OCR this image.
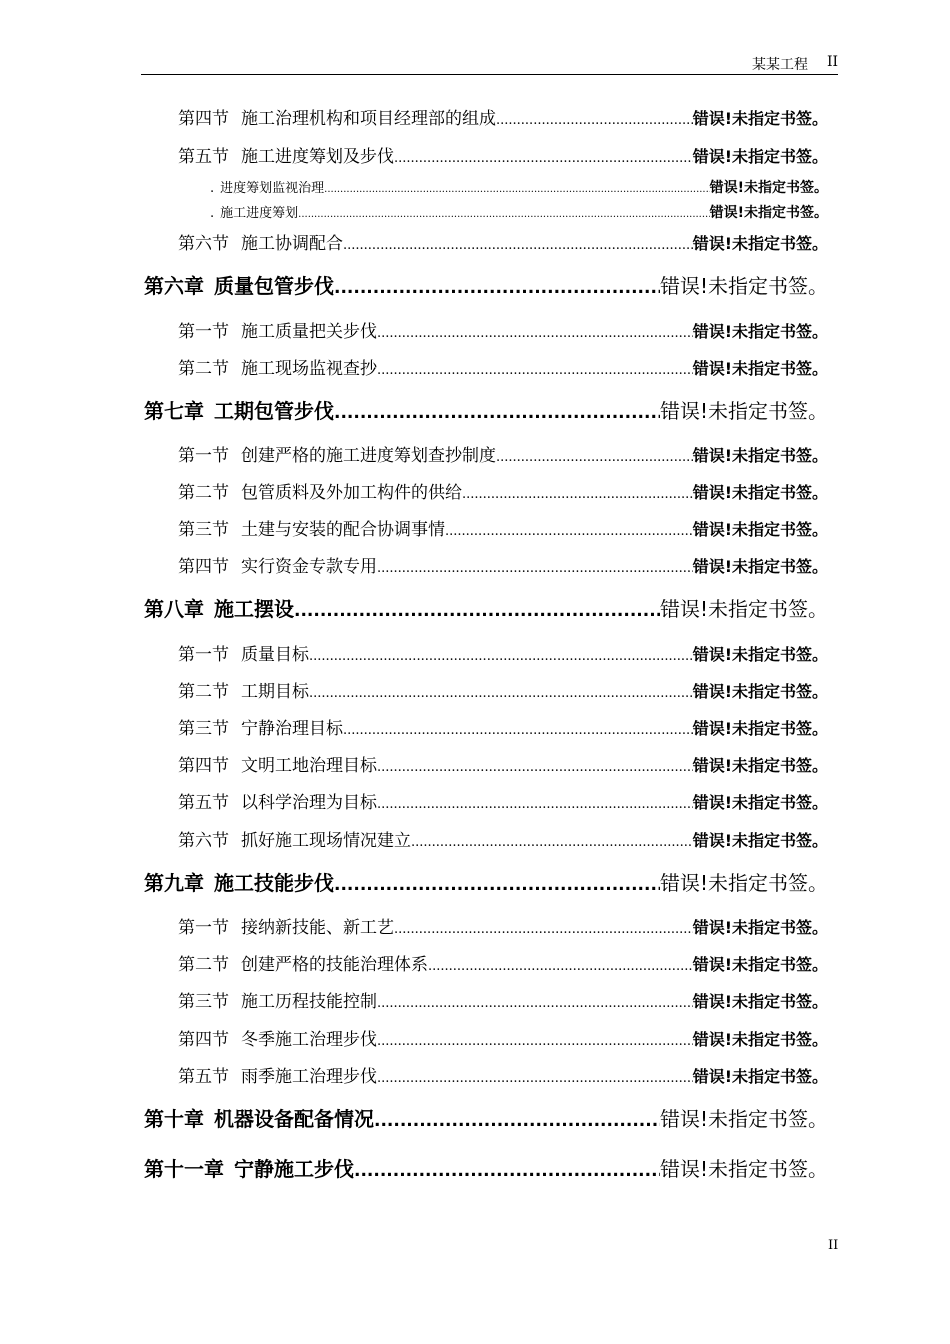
某某工程 II
第四节 施工治理机构和项目经理部的组成 .....	错误!未指定书签。
第五节 施工进度筹划及步伐 .....	错误!未指定书签。
. 进度筹划监视治理 .....	错误!未指定书签。
. 施工进度筹划 .....	错误!未指定书签。
第六节 施工协调配合 .....	错误!未指定书签。
第六章 质量包管步伐 .....	错误!未指定书签。
第一节 施工质量把关步伐 .....	错误!未指定书签。
第二节 施工现场监视查抄 .....	错误!未指定书签。
第七章 工期包管步伐 .....	错误!未指定书签。
第一节 创建严格的施工进度筹划查抄制度 .....	错误!未指定书签。
第二节 包管质料及外加工构件的供给 .....	错误!未指定书签。
第三节 土建与安装的配合协调事情 .....	错误!未指定书签。
第四节 实行资金专款专用 .....	错误!未指定书签。
第八章 施工摆设 .....	错误!未指定书签。
第一节 质量目标 .....	错误!未指定书签。
第二节 工期目标 .....	错误!未指定书签。
第三节 宁静治理目标 .....	错误!未指定书签。
第四节 文明工地治理目标 .....	错误!未指定书签。
第五节 以科学治理为目标 .....	错误!未指定书签。
第六节 抓好施工现场情况建立 .....	错误!未指定书签。
第九章 施工技能步伐 .....	错误!未指定书签。
第一节 接纳新技能、新工艺 .....	错误!未指定书签。
第二节 创建严格的技能治理体系 .....	错误!未指定书签。
第三节 施工历程技能控制 .....	错误!未指定书签。
第四节 冬季施工治理步伐 .....	错误!未指定书签。
第五节 雨季施工治理步伐 .....	错误!未指定书签。
第十章 机器设备配备情况 .....	错误!未指定书签。
第十一章 宁静施工步伐 .....	错误!未指定书签。
II
